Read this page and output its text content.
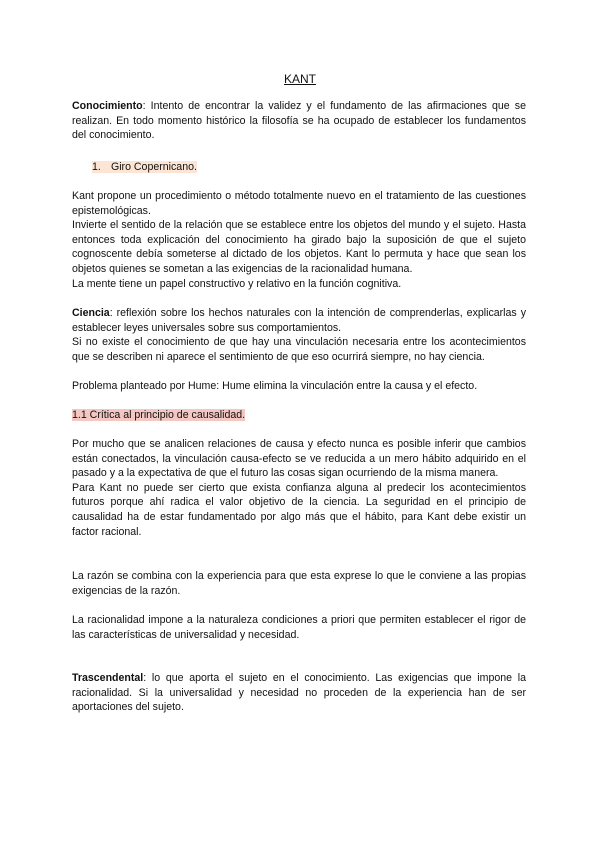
KANT
Conocimiento: Intento de encontrar la validez y el fundamento de las afirmaciones que se realizan. En todo momento histórico la filosofía se ha ocupado de establecer los fundamentos del conocimiento.
1. Giro Copernicano.
Kant propone un procedimiento o método totalmente nuevo en el tratamiento de las cuestiones epistemológicas.
Invierte el sentido de la relación que se establece entre los objetos del mundo y el sujeto. Hasta entonces toda explicación del conocimiento ha girado bajo la suposición de que el sujeto cognoscente debía someterse al dictado de los objetos. Kant lo permuta y hace que sean los objetos quienes se sometan a las exigencias de la racionalidad humana.
La mente tiene un papel constructivo y relativo en la función cognitiva.
Ciencia: reflexión sobre los hechos naturales con la intención de comprenderlas, explicarlas y establecer leyes universales sobre sus comportamientos.
Si no existe el conocimiento de que hay una vinculación necesaria entre los acontecimientos que se describen ni aparece el sentimiento de que eso ocurrirá siempre, no hay ciencia.
Problema planteado por Hume: Hume elimina la vinculación entre la causa y el efecto.
1.1 Crítica al principio de causalidad.
Por mucho que se analicen relaciones de causa y efecto nunca es posible inferir que cambios están conectados, la vinculación causa-efecto se ve reducida a un mero hábito adquirido en el pasado y a la expectativa de que el futuro las cosas sigan ocurriendo de la misma manera.
Para Kant no puede ser cierto que exista confianza alguna al predecir los acontecimientos futuros porque ahí radica el valor objetivo de la ciencia. La seguridad en el principio de causalidad ha de estar fundamentado por algo más que el hábito, para Kant debe existir un factor racional.
La razón se combina con la experiencia para que esta exprese lo que le conviene a las propias exigencias de la razón.
La racionalidad impone a la naturaleza condiciones a priori que permiten establecer el rigor de las características de universalidad y necesidad.
Trascendental: lo que aporta el sujeto en el conocimiento. Las exigencias que impone la racionalidad. Si la universalidad y necesidad no proceden de la experiencia han de ser aportaciones del sujeto.
